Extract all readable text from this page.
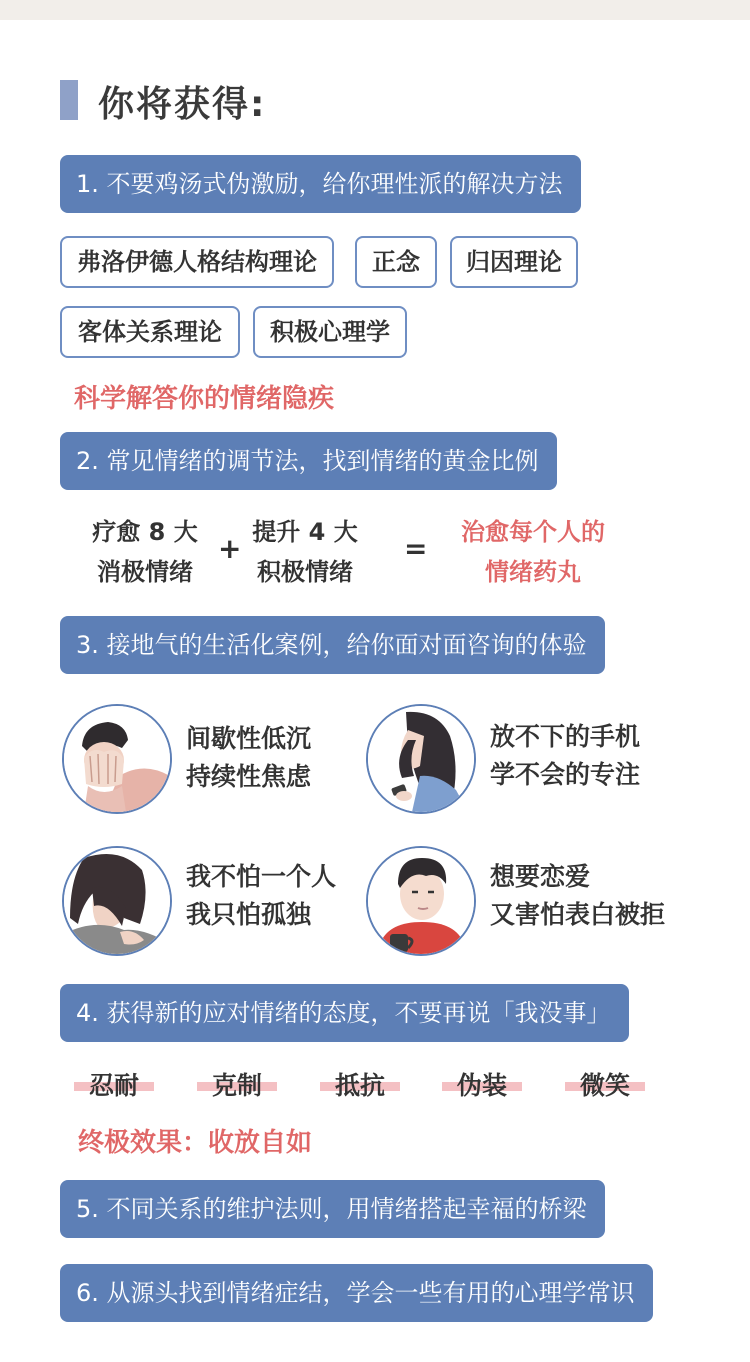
你将获得:
1. 不要鸡汤式伪激励，给你理性派的解决方法
弗洛伊德人格结构理论	正念	归因理论
客体关系理论	积极心理学
科学解答你的情绪隐疾
2. 常见情绪的调节法，找到情绪的黄金比例
疗愈 8 大
消极情绪
+ 提升 4 大
积极情绪
=	治愈每个人的
情绪药丸
3. 接地气的生活化案例，给你面对面咨询的体验
间歇性低沉
持续性焦虑
放不下的手机
学不会的专注
我不怕一个人
我只怕孤独
想要恋爱
又害怕表白被拒
4. 获得新的应对情绪的态度，不要再说「我没事」
忍耐	克制	抵抗	伪装	微笑
终极效果：收放自如
5. 不同关系的维护法则，用情绪搭起幸福的桥梁
6. 从源头找到情绪症结，学会一些有用的心理学常识
